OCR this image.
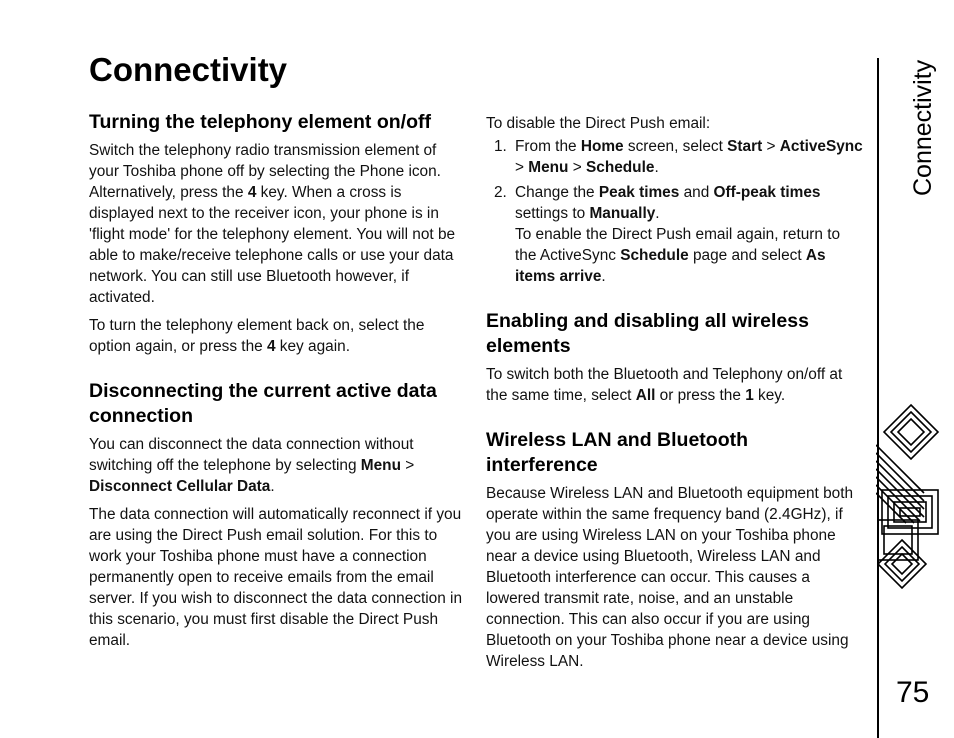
Connectivity
Turning the telephony element on/off

Switch the telephony radio transmission element of your Toshiba phone off by selecting the Phone icon. Alternatively, press the 4 key. When a cross is displayed next to the receiver icon, your phone is in 'flight mode' for the telephony element. You will not be able to make/receive telephone calls or use your data network. You can still use Bluetooth however, if activated.

To turn the telephony element back on, select the option again, or press the 4 key again.

Disconnecting the current active data connection

You can disconnect the data connection without switching off the telephone by selecting Menu > Disconnect Cellular Data.

The data connection will automatically reconnect if you are using the Direct Push email solution. For this to work your Toshiba phone must have a connection permanently open to receive emails from the email server. If you wish to disconnect the data connection in this scenario, you must first disable the Direct Push email.

To disable the Direct Push email:

1. From the Home screen, select Start > ActiveSync > Menu > Schedule.
2. Change the Peak times and Off-peak times settings to Manually.
To enable the Direct Push email again, return to the ActiveSync Schedule page and select As items arrive.
Enabling and disabling all wireless elements

To switch both the Bluetooth and Telephony on/off at the same time, select All or press the 1 key.

Wireless LAN and Bluetooth interference

Because Wireless LAN and Bluetooth equipment both operate within the same frequency band (2.4GHz), if you are using Wireless LAN on your Toshiba phone near a device using Bluetooth, Wireless LAN and Bluetooth interference can occur. This causes a lowered transmit rate, noise, and an unstable connection. This can also occur if you are using Bluetooth on your Toshiba phone near a device using Wireless LAN.

Connectivity
75
